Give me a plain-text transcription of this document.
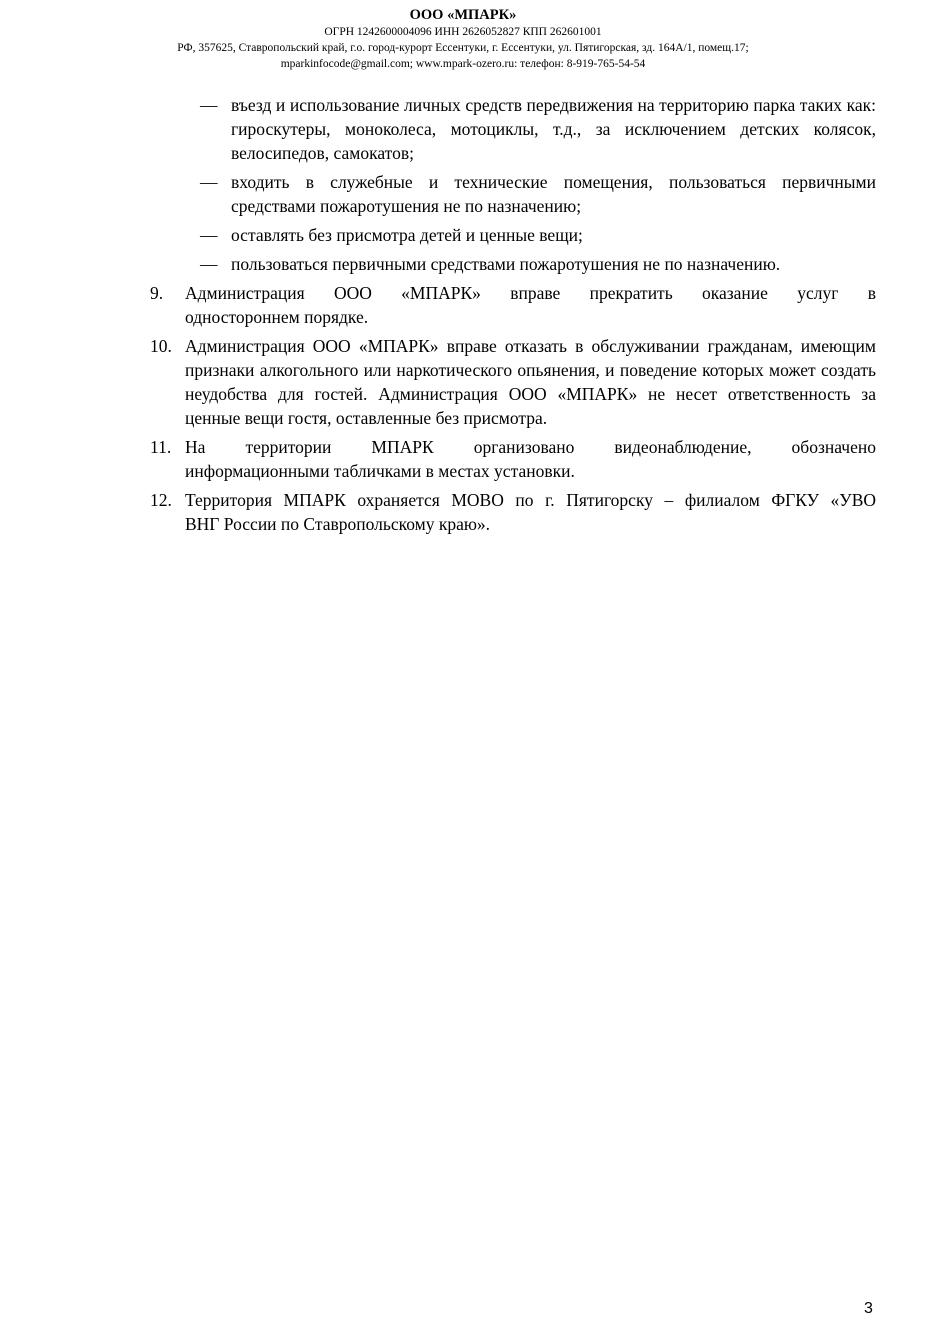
ООО «МПАРК»
ОГРН 1242600004096 ИНН 2626052827 КПП 262601001
РФ, 357625, Ставропольский край, г.о. город-курорт Ессентуки, г. Ессентуки, ул. Пятигорская, зд. 164А/1, помещ.17;
mparkinfocode@gmail.com; www.mpark-ozero.ru: телефон: 8-919-765-54-54
— въезд и использование личных средств передвижения на территорию парка таких как: гироскутеры, моноколеса, мотоциклы, т.д., за исключением детских колясок, велосипедов, самокатов;
— входить в служебные и технические помещения, пользоваться первичными средствами пожаротушения не по назначению;
— оставлять без присмотра детей и ценные вещи;
— пользоваться первичными средствами пожаротушения не по назначению.
9.	Администрация ООО «МПАРК» вправе прекратить оказание услуг в
одностороннем порядке.
10. Администрация ООО «МПАРК» вправе отказать в обслуживании гражданам, имеющим признаки алкогольного или наркотического опьянения, и поведение которых может создать неудобства для гостей. Администрация ООО «МПАРК» не несет ответственность за ценные вещи гостя, оставленные без присмотра.
11. На территории МПАРК организовано видеонаблюдение, обозначено
информационными табличками в местах установки.
12. Территория МПАРК охраняется МОВО по г. Пятигорску – филиалом ФГКУ «УВО
ВНГ России по Ставропольскому краю».
3
